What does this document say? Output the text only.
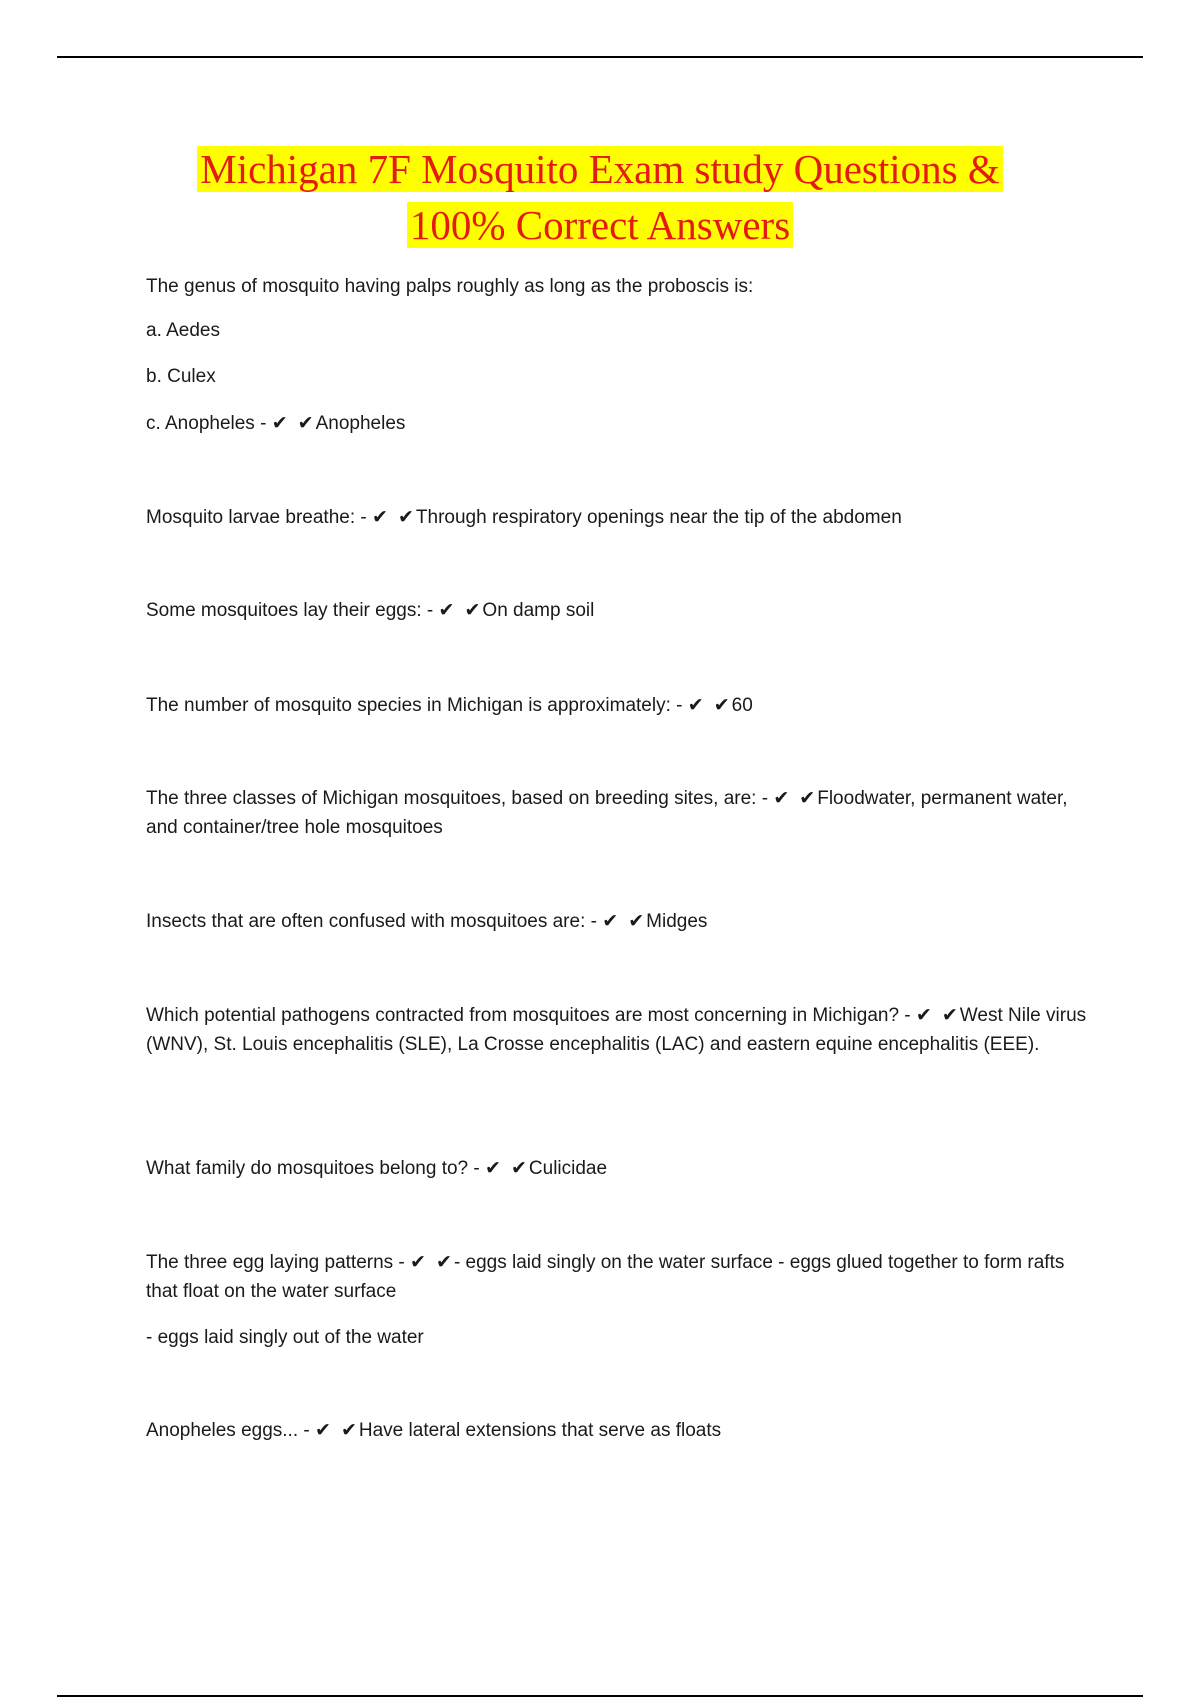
Michigan 7F Mosquito Exam study Questions &
100% Correct Answers

The genus of mosquito having palps roughly as long as the proboscis is:

a. Aedes

b. Culex

c. Anopheles - ✔ ✔Anopheles

Mosquito larvae breathe: - ✔ ✔Through respiratory openings near the tip of the abdomen

Some mosquitoes lay their eggs: - ✔ ✔On damp soil

The number of mosquito species in Michigan is approximately: - ✔ ✔60

The three classes of Michigan mosquitoes, based on breeding sites, are: - ✔ ✔Floodwater, permanent water, and container/tree hole mosquitoes

Insects that are often confused with mosquitoes are: - ✔ ✔Midges

Which potential pathogens contracted from mosquitoes are most concerning in Michigan? - ✔ ✔West Nile virus (WNV), St. Louis encephalitis (SLE), La Crosse encephalitis (LAC) and eastern equine encephalitis (EEE).

What family do mosquitoes belong to? - ✔ ✔Culicidae

The three egg laying patterns - ✔ ✔- eggs laid singly on the water surface - eggs glued together to form rafts that float on the water surface

- eggs laid singly out of the water

Anopheles eggs... - ✔ ✔Have lateral extensions that serve as floats
